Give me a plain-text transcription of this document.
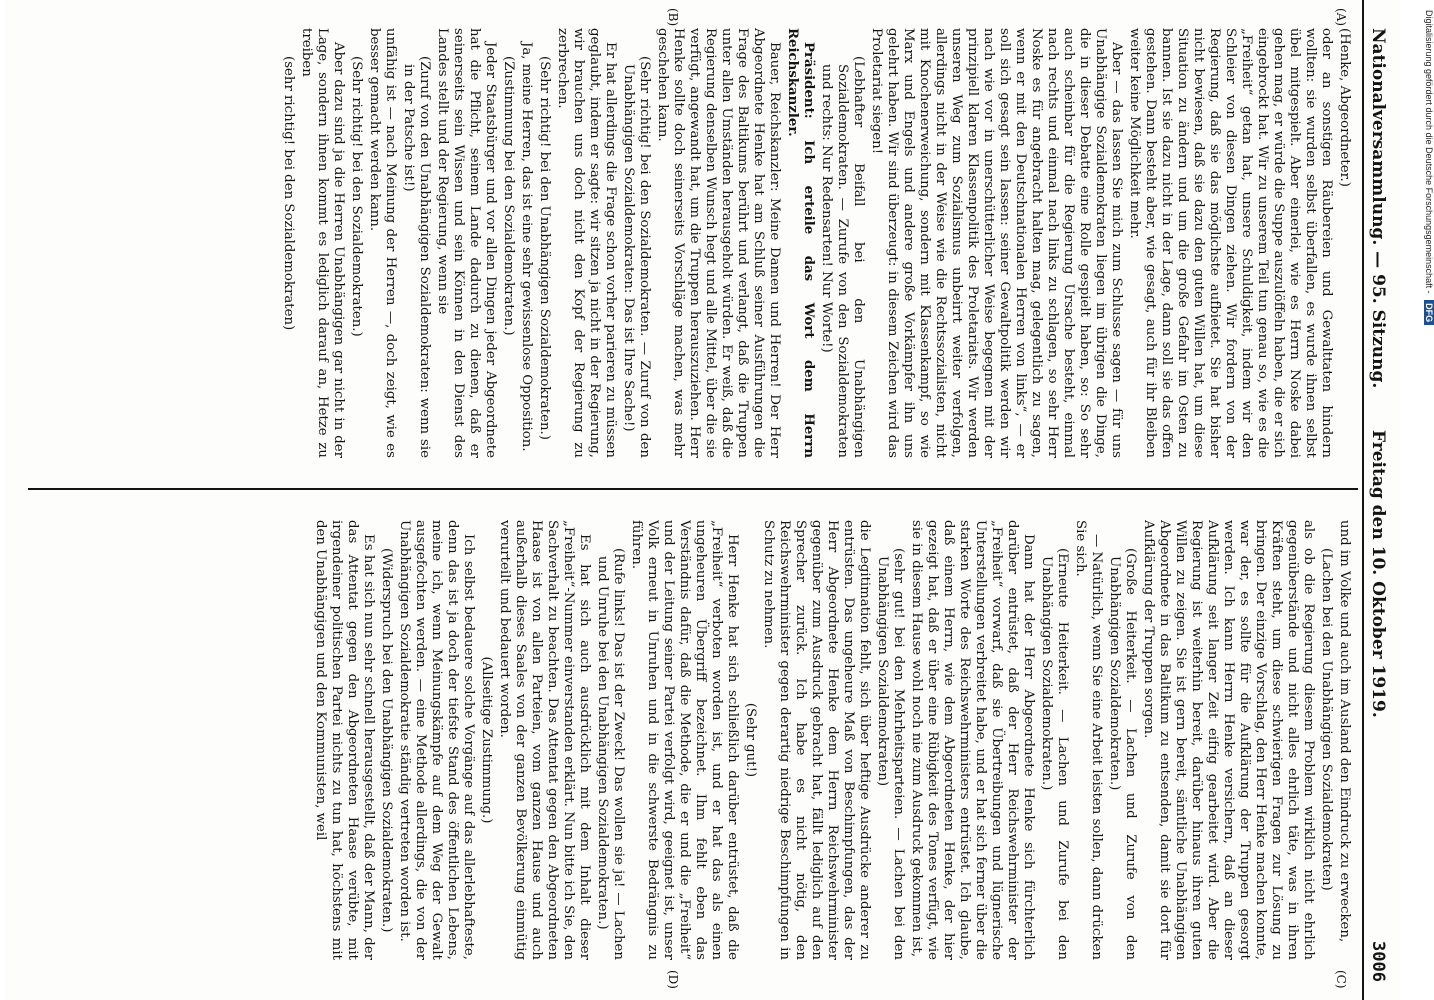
Nationalversammlung. — 95. Sitzung.
Freitag den 10. Oktober 1919.
3006
(A)
(B)
(C)
(D)
(Henke, Abgeordneter.)
oder an sonstigen Räubereien und Gewalttaten hindern wollten: sie wurden selbst überfallen, es wurde ihnen selbst übel mitgespielt. Aber einerlei, wie es Herrn Noske dabei gehen mag, er würde die Suppe auszulöffeln haben, die er sich eingebrockt hat. Wir zu unserem Teil tun genau so, wie es die „Freiheit“ getan hat, unsere Schuldigkeit, indem wir den Schleier von diesen Dingen ziehen. Wir fordern von der Regierung, daß sie das möglichste aufbietet. Sie hat bisher nicht bewiesen, daß sie dazu den guten Willen hat, um diese Situation zu ändern und um die große Gefahr im Osten zu bannen. Ist sie dazu nicht in der Lage, dann soll sie das offen gestehen. Dann besteht aber, wie gesagt, auch für ihr Bleiben weiter keine Möglichkeit mehr.
Aber — das lassen Sie mich zum Schlusse sagen — für uns Unabhängige Sozialdemokraten liegen im übrigen die Dinge, die in dieser Debatte eine Rolle gespielt haben, so: So sehr auch scheinbar für die Regierung Ursache besteht, einmal nach rechts und einmal nach links zu schlagen, so sehr Herr Noske es für angebracht halten mag, gelegentlich zu sagen, wenn er mit den Deutschnationalen Herren von links“, — er soll sich gesagt sein lassen: seiner Gewaltpolitik werden wir nach wie vor in unerschütterlicher Weise begegnen mit der prinzipiell klaren Klassenpolitik des Proletariats. Wir werden unseren Weg zum Sozialismus unbeirrt weiter verfolgen, allerdings nicht in der Weise wie die Rechtssozialisten, nicht mit Knochenerweichung, sondern mit Klassenkampf, so wie Marx und Engels und andere große Vorkämpfer ihn uns gelehrt haben. Wir sind überzeugt: in diesem Zeichen wird das Proletariat siegen!
(Lebhafter Beifall bei den Unabhängigen Sozialdemokraten. — Zurufe von den Sozialdemokraten und rechts: Nur Redensarten! Nur Worte!)
Präsident: Ich erteile das Wort dem Herrn Reichskanzler.
Bauer, Reichskanzler: Meine Damen und Herren! Der Herr Abgeordnete Henke hat am Schluß seiner Ausführungen die Frage des Baltikums berührt und verlangt, daß die Truppen unter allen Umständen herausgeholt würden. Er weiß, daß die Regierung denselben Wunsch hegt und alle Mittel, über die sie verfügt, angewandt hat, um die Truppen herauszuziehen. Herr Henke sollte doch seinerseits Vorschläge machen, was mehr geschehen kann.
(Sehr richtig! bei den Sozialdemokraten. — Zuruf von den Unabhängigen Sozialdemokraten: Das ist Ihre Sache!)
Er hat allerdings die Frage schon vorher parieren zu müssen geglaubt, indem er sagte: wir sitzen ja nicht in der Regierung, wir brauchen uns doch nicht den Kopf der Regierung zu zerbrechen.
(Sehr richtig! bei den Unabhängigen Sozialdemokraten.)
Ja, meine Herren, das ist eine sehr gewissenlose Opposition.
(Zustimmung bei den Sozialdemokraten.)
Jeder Staatsbürger und vor allen Dingen jeder Abgeordnete hat die Pflicht, seinem Lande dadurch zu dienen, daß er seinerseits sein Wissen und sein Können in den Dienst des Landes stellt und der Regierung, wenn sie
(Zuruf von den Unabhängigen Sozialdemokraten: wenn sie in der Patsche ist!)
unfähig ist — nach Meinung der Herren —, doch zeigt, wie es besser gemacht werden kann.
(Sehr richtig! bei den Sozialdemokraten.)
Aber dazu sind ja die Herren Unabhängigen gar nicht in der Lage, sondern ihnen kommt es lediglich darauf an, Hetze zu treiben
(sehr richtig! bei den Sozialdemokraten)
und im Volke und auch im Ausland den Eindruck zu erwecken,
(Lachen bei den Unabhängigen Sozialdemokraten)
als ob die Regierung diesem Problem wirklich nicht ehrlich gegenüberstände und nicht alles ehrlich täte, was in ihren Kräften steht, um diese schwierigen Fragen zur Lösung zu bringen. Der einzige Vorschlag, den Herr Henke machen konnte, war der, es sollte für die Aufklärung der Truppen gesorgt werden. Ich kann Herrn Henke versichern, daß an dieser Aufklärung seit langer Zeit eifrig gearbeitet wird. Aber die Regierung ist weiterhin bereit, darüber hinaus ihren guten Willen zu zeigen. Sie ist gern bereit, sämtliche Unabhängigen Abgeordnete in das Baltikum zu entsenden, damit sie dort für Aufklärung der Truppen sorgen.
(Große Heiterkeit. — Lachen und Zurufe von den Unabhängigen Sozialdemokraten.)
— Natürlich, wenn Sie eine Arbeit leisten sollen, dann drücken Sie sich.
(Erneute Heiterkeit. — Lachen und Zurufe bei den Unabhängigen Sozialdemokraten.)
Dann hat der Herr Abgeordnete Henke sich fürchterlich darüber entrüstet, daß der Herr Reichswehrminister der „Freiheit“ vorwarf, daß sie Übertreibungen und lügnerische Unterstellungen verbreitet habe, und er hat sich ferner über die starken Worte des Reichswehrministers entrüstet. Ich glaube, daß einem Herrn, wie dem Abgeordneten Henke, der hier gezeigt hat, daß er über eine Rübigkeit des Tones verfügt, wie sie in diesem Hause wohl noch nie zum Ausdruck gekommen ist,
(sehr gut! bei den Mehrheitsparteien. — Lachen bei den Unabhängigen Sozialdemokraten)
die Legitimation fehlt, sich über heftige Ausdrücke anderer zu entrüsten. Das ungeheure Maß von Beschimpfungen, das der Herr Abgeordnete Henke dem Herrn Reichswehrminister gegenüber zum Ausdruck gebracht hat, fällt lediglich auf den Sprecher zurück. Ich habe es nicht nötig, den Reichswehrminister gegen derartig niedrige Beschimpfungen in Schutz zu nehmen.
(Sehr gut!)
Herr Henke hat sich schließlich darüber entrüstet, daß die „Freiheit“ verboten worden ist, und er hat das als einen ungeheuren Übergriff bezeichnet. Ihm fehlt eben das Verständnis dafür, daß die Methode, die er und die „Freiheit“ und der Leitung seiner Partei verfolgt wird, geeignet ist, unser Volk erneut in Unruhen und in die schwerste Bedrängnis zu führen.
(Rufe links! Das ist der Zweck! Das wollen sie ja! — Lachen und Unruhe bei den Unabhängigen Sozialdemokraten.)
Es hat sich auch ausdrücklich mit dem Inhalt dieser „Freiheit“-Nummer einverstanden erklärt. Nun bitte ich Sie, den Sachverhalt zu beachten. Das Attentat gegen den Abgeordneten Haase ist von allen Parteien, vom ganzen Hause und auch außerhalb dieses Saales von der ganzen Bevölkerung einmütig verurteilt und bedauert worden.
(Allseitige Zustimmung.)
Ich selbst bedauere solche Vorgänge auf das allerlebhafteste, denn das ist ja doch der tiefste Stand des öffentlichen Lebens, meine ich, wenn Meinungskämpfe auf dem Weg der Gewalt ausgefochten werden. — eine Methode allerdings, die von der Unabhängigen Sozialdemokratie ständig vertreten worden ist.
(Widerspruch bei den Unabhängigen Sozialdemokraten.)
Es hat sich nun sehr schnell herausgestellt, daß der Mann, der das Attentat gegen den Abgeordneten Haase verübte, mit irgendeiner politischen Partei nichts zu tun hat, höchstens mit den Unabhängigen und den Kommunisten, weil
Digitalisierung gefördert durch die Deutsche Forschungsgemeinschaft - DFG
